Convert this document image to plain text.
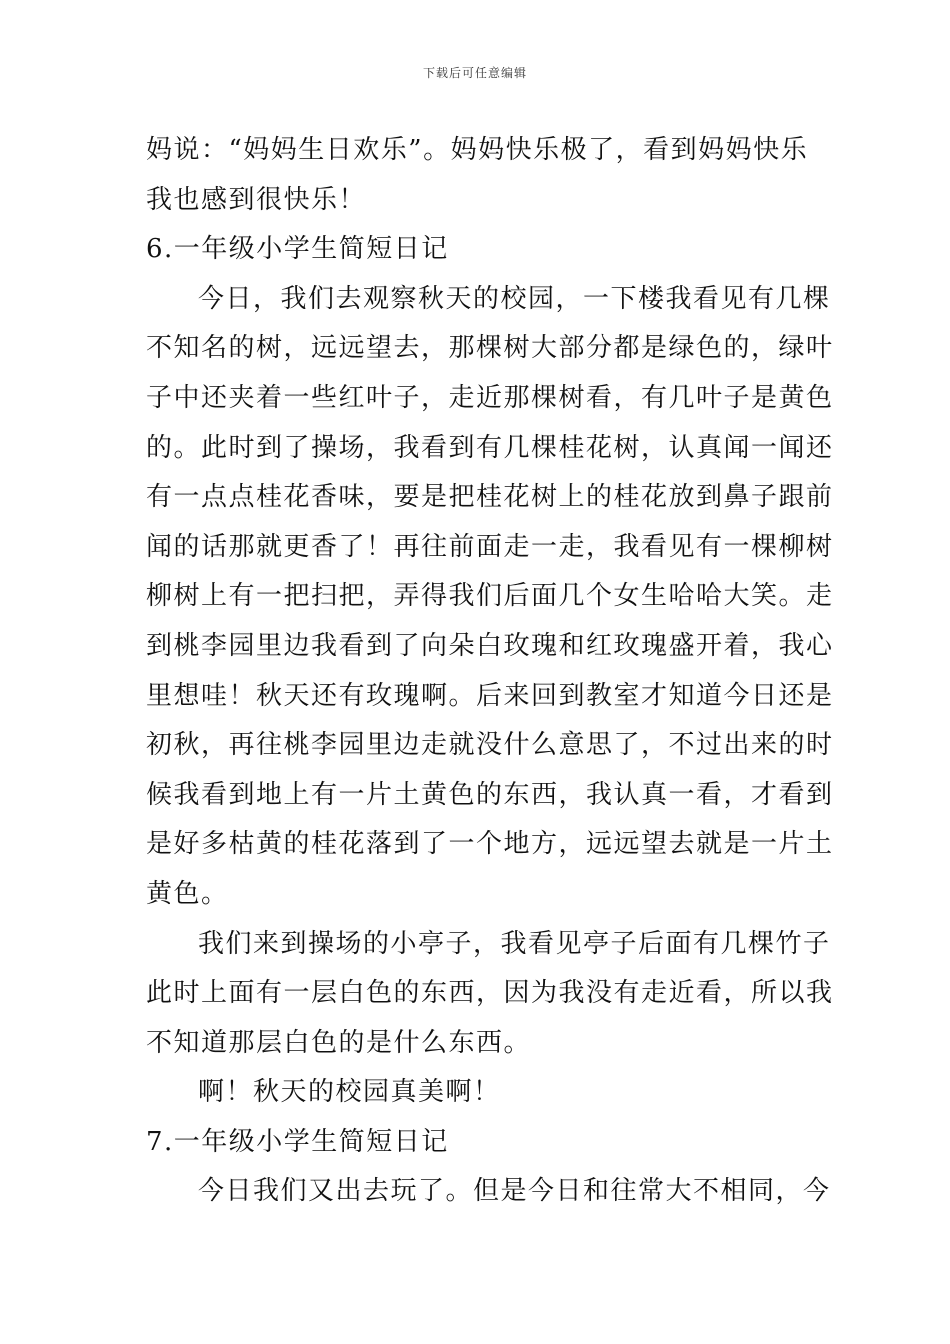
下载后可任意编辑
妈说：“妈妈生日欢乐”。妈妈快乐极了，看到妈妈快乐
我也感到很快乐！
6.一年级小学生简短日记
今日，我们去观察秋天的校园，一下楼我看见有几棵
不知名的树，远远望去，那棵树大部分都是绿色的，绿叶
子中还夹着一些红叶子，走近那棵树看，有几叶子是黄色
的。此时到了操场，我看到有几棵桂花树，认真闻一闻还
有一点点桂花香味，要是把桂花树上的桂花放到鼻子跟前
闻的话那就更香了！再往前面走一走，我看见有一棵柳树
柳树上有一把扫把，弄得我们后面几个女生哈哈大笑。走
到桃李园里边我看到了向朵白玫瑰和红玫瑰盛开着，我心
里想哇！秋天还有玫瑰啊。后来回到教室才知道今日还是
初秋，再往桃李园里边走就没什么意思了，不过出来的时
候我看到地上有一片土黄色的东西，我认真一看，才看到
是好多枯黄的桂花落到了一个地方，远远望去就是一片土
黄色。
我们来到操场的小亭子，我看见亭子后面有几棵竹子
此时上面有一层白色的东西，因为我没有走近看，所以我
不知道那层白色的是什么东西。
啊！秋天的校园真美啊！
7.一年级小学生简短日记
今日我们又出去玩了。但是今日和往常大不相同，今
